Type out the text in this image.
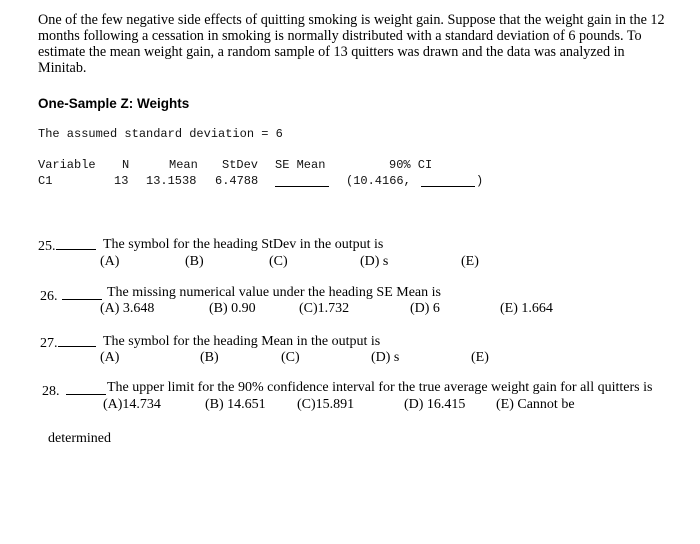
One of the few negative side effects of quitting smoking is weight gain. Suppose that the weight gain in the 12 months following a cessation in smoking is normally distributed with a standard deviation of 6 pounds. To estimate the mean weight gain, a random sample of 13 quitters was drawn and the data was analyzed in Minitab.
One-Sample Z: Weights
The assumed standard deviation = 6
Variable N	Mean StDev SE Mean	90% CI
C1	13 13.1538 6.4788	(10.4166,	)
25.	The symbol for the heading StDev in the output is
(A)	(B)	(C)	(D) s	(E)
26.	The missing numerical value under the heading SE Mean is
(A) 3.648	(B) 0.90	(C)1.732	(D) 6	(E) 1.664
27.	The symbol for the heading Mean in the output is
(A)	(B)	(C)	(D) s	(E)
28.	The upper limit for the 90% confidence interval for the true average weight gain for all quitters is
(A)14.734	(B) 14.651 (C)15.891	(D) 16.415 (E) Cannot be
determined
